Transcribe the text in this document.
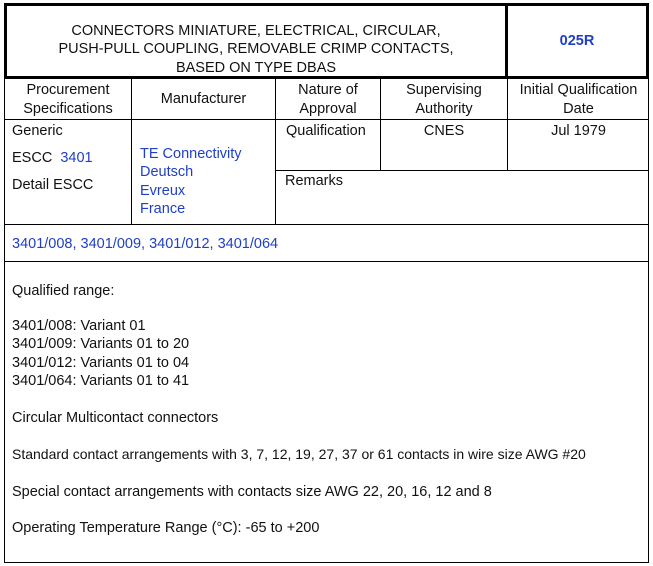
CONNECTORS MINIATURE, ELECTRICAL, CIRCULAR,
PUSH-PULL COUPLING, REMOVABLE CRIMP CONTACTS,
BASED ON TYPE DBAS
025R
Procurement
Specifications
Manufacturer
Nature of
Approval
Supervising
Authority
Initial Qualification
Date
Generic
ESCC 3401
Detail ESCC
TE Connectivity
Deutsch
Evreux
France
Qualification	CNES	Jul 1979
Remarks
3401/008, 3401/009, 3401/012, 3401/064
Qualified range:
3401/008: Variant 01
3401/009: Variants 01 to 20
3401/012: Variants 01 to 04
3401/064: Variants 01 to 41
Circular Multicontact connectors
Standard contact arrangements with 3, 7, 12, 19, 27, 37 or 61 contacts in wire size AWG #20
Special contact arrangements with contacts size AWG 22, 20, 16, 12 and 8
Operating Temperature Range (°C): -65 to +200
